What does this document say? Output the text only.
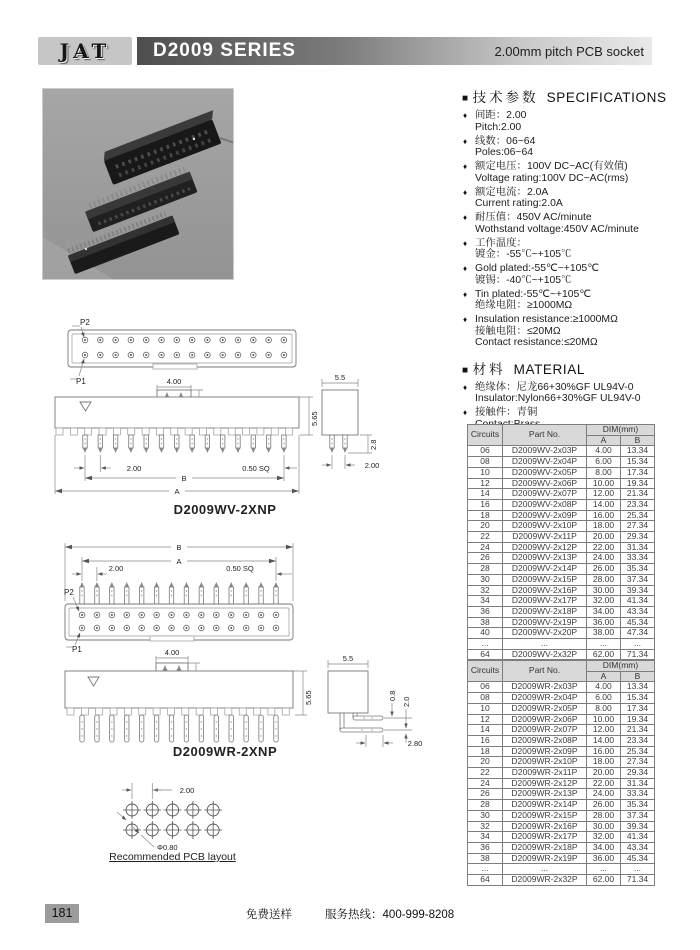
JAT	D2009 SERIES	2.00mm pitch PCB socket
■ 技术参数 SPECIFICATIONS
♦ 间距：2.00
Pitch:2.00
♦ 线数：06~64
Poles:06~64
♦ 额定电压：100V DC~AC(有效值)
Voltage rating:100V DC~AC(rms)
♦ 额定电流：2.0A
Current rating:2.0A
♦ 耐压值：450V AC/minute
Wothstand voltage:450V AC/minute
♦ 工作温度：
镀金：-55℃~+105℃
♦ Gold plated:-55℃~+105℃
镀锡：-40℃~+105℃
♦ Tin plated:-55℃~+105℃
绝缘电阻：≥1000MΩ
♦ Insulation resistance:≥1000MΩ
接触电阻：≤20MΩ
Contact resistance:≤20MΩ
■ 材料 MATERIAL
♦ 绝缘体：尼龙66+30%GF UL94V-0
Insulator:Nylon66+30%GF UL94V-0
♦ 接触件：青铜
P2
P1	4.00
5.65
2.00	0.50 SQ
B
A
5.5
2.8
2.00
D2009WV-2XNP
B
A
2.00	0.50 SQ
P2
P1	4.00
5.65
5.5
0.8
2.0
2.80
D2009WR-2XNP
2.00
Φ0.80
Recommended PCB layout
Circuits	Part No.	DIM(mm)	
		A	B
06	D2009WV-2x03P	4.00	13.34
08	D2009WV-2x04P	6.00	15.34
10	D2009WV-2x05P	8.00	17.34
12	D2009WV-2x06P	10.00	19.34
14	D2009WV-2x07P	12.00	21.34
16	D2009WV-2x08P	14.00	23.34
18	D2009WV-2x09P	16.00	25.34
20	D2009WV-2x10P	18.00	27.34
22	D2009WV-2x11P	20.00	29.34
24	D2009WV-2x12P	22.00	31.34
26	D2009WV-2x13P	24.00	33.34
28	D2009WV-2x14P	26.00	35.34
30	D2009WV-2x15P	28.00	37.34
32	D2009WV-2x16P	30.00	39.34
34	D2009WV-2x17P	32.00	41.34
36	D2009WV-2x18P	34.00	43.34
38	D2009WV-2x19P	36.00	45.34
40	D2009WV-2x20P	38.00	47.34
...	...	...	...
64	D2009WV-2x32P	62.00	71.34
Circuits	Part No.	DIM(mm)	
		A	B
06	D2009WR-2x03P	4.00	13.34
08	D2009WR-2x04P	6.00	15.34
10	D2009WR-2x05P	8.00	17.34
12	D2009WR-2x06P	10.00	19.34
14	D2009WR-2x07P	12.00	21.34
16	D2009WR-2x08P	14.00	23.34
18	D2009WR-2x09P	16.00	25.34
20	D2009WR-2x10P	18.00	27.34
22	D2009WR-2x11P	20.00	29.34
24	D2009WR-2x12P	22.00	31.34
26	D2009WR-2x13P	24.00	33.34
28	D2009WR-2x14P	26.00	35.34
30	D2009WR-2x15P	28.00	37.34
32	D2009WR-2x16P	30.00	39.34
34	D2009WR-2x17P	32.00	41.34
36	D2009WR-2x18P	34.00	43.34
38	D2009WR-2x19P	36.00	45.34
...	...	...	...
64	D2009WR-2x32P	62.00	71.34
181	免费送样	服务热线：400-999-8208
